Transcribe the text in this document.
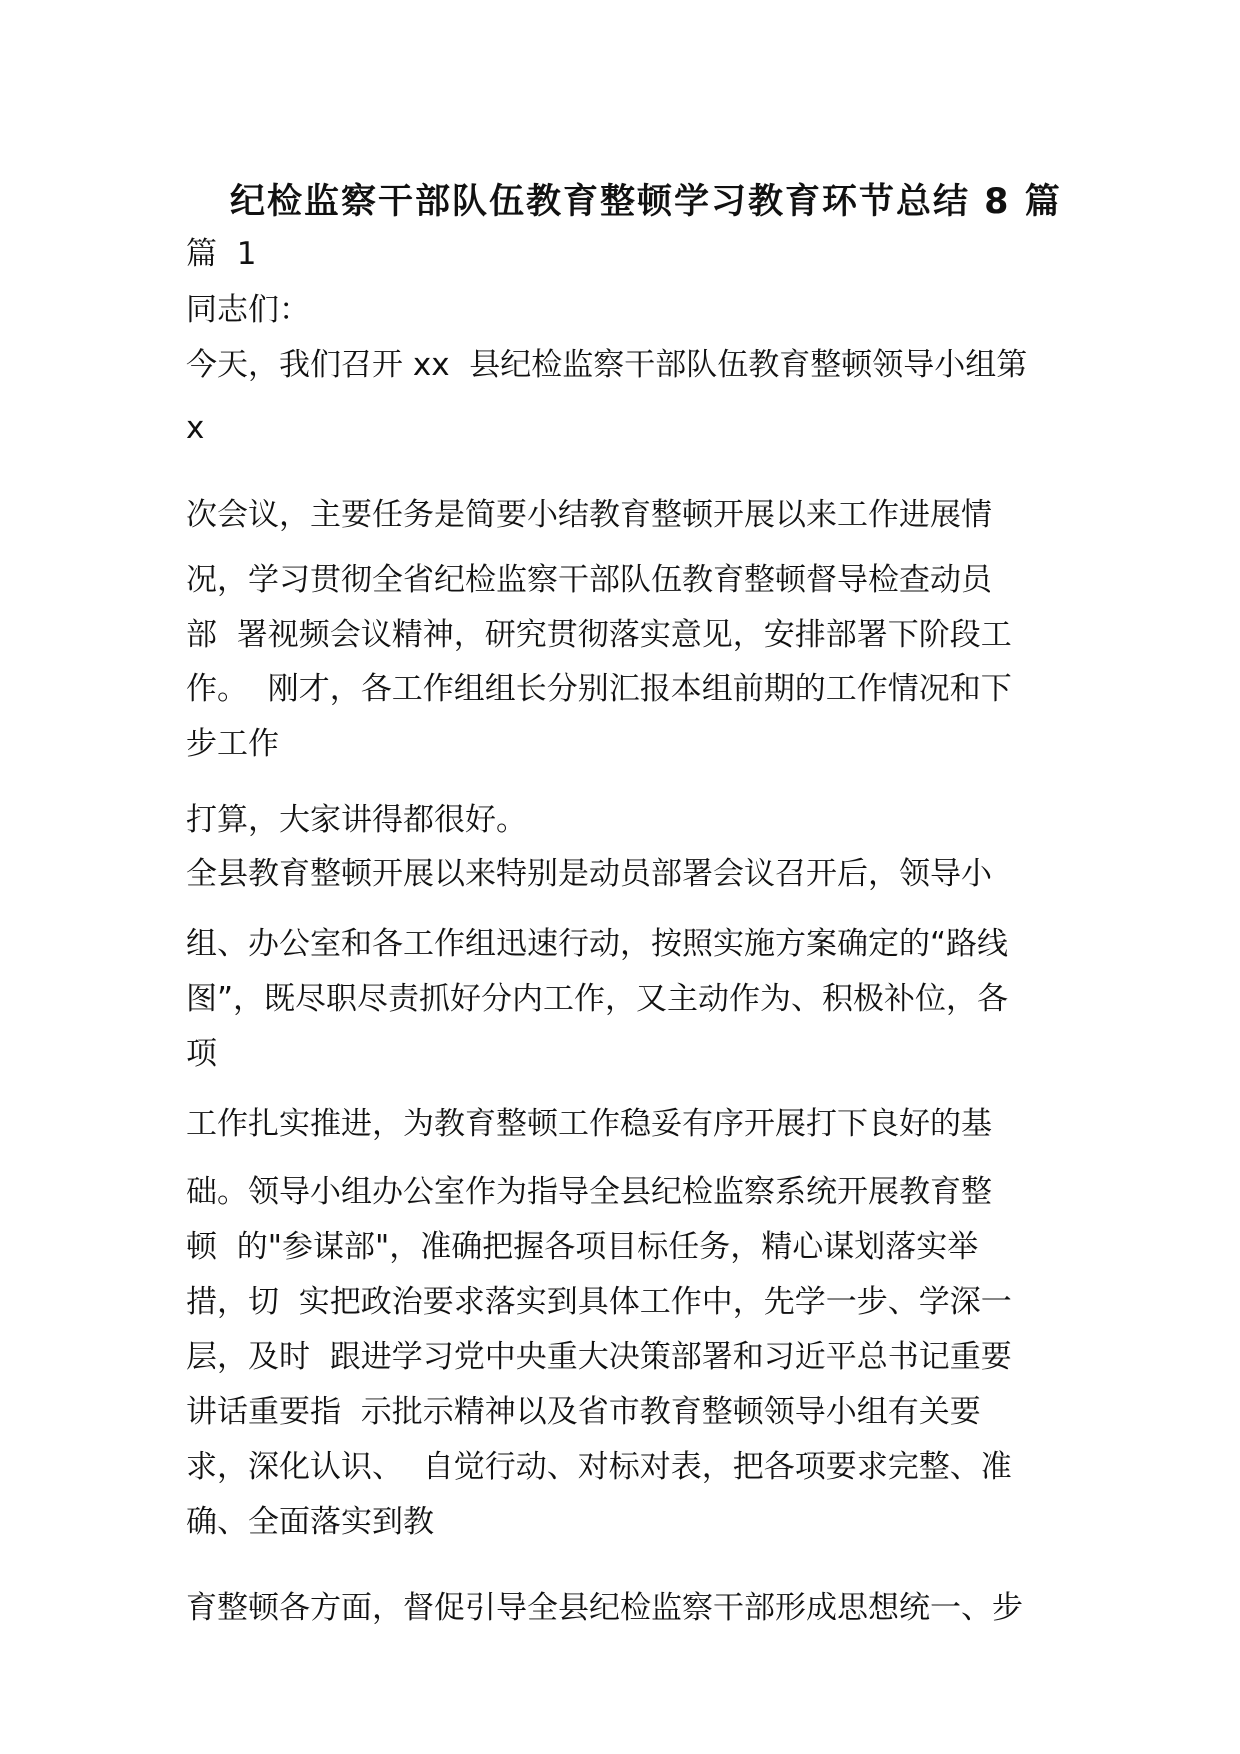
纪检监察干部队伍教育整顿学习教育环节总结 8 篇
篇  1
同志们：
今天，我们召开 xx  县纪检监察干部队伍教育整顿领导小组第
x
次会议，主要任务是简要小结教育整顿开展以来工作进展情
况，学习贯彻全省纪检监察干部队伍教育整顿督导检查动员
部  署视频会议精神，研究贯彻落实意见，安排部署下阶段工
作。  刚才，各工作组组长分别汇报本组前期的工作情况和下
步工作
打算，大家讲得都很好。
全县教育整顿开展以来特别是动员部署会议召开后，领导小
组、办公室和各工作组迅速行动，按照实施方案确定的“路线
图”，既尽职尽责抓好分内工作，又主动作为、积极补位，各
项
工作扎实推进，为教育整顿工作稳妥有序开展打下良好的基
础。领导小组办公室作为指导全县纪检监察系统开展教育整
顿  的"参谋部"，准确把握各项目标任务，精心谋划落实举
措，切  实把政治要求落实到具体工作中，先学一步、学深一
层，及时  跟进学习党中央重大决策部署和习近平总书记重要
讲话重要指  示批示精神以及省市教育整顿领导小组有关要
求，深化认识、  自觉行动、对标对表，把各项要求完整、准
确、全面落实到教
育整顿各方面，督促引导全县纪检监察干部形成思想统一、步
